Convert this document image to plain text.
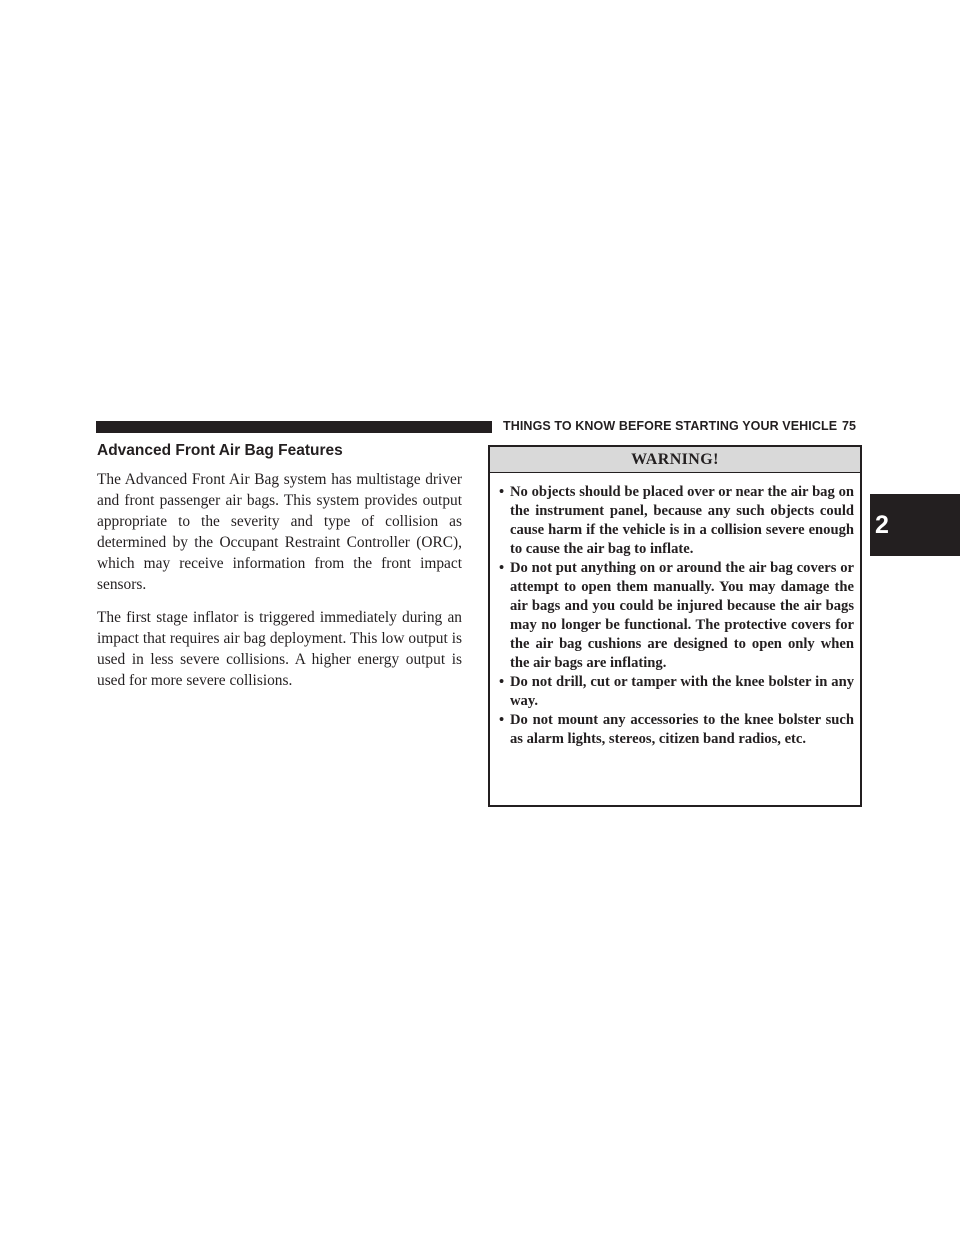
THINGS TO KNOW BEFORE STARTING YOUR VEHICLE 75
2
Advanced Front Air Bag Features

The Advanced Front Air Bag system has multistage driver and front passenger air bags. This system provides output appropriate to the severity and type of collision as determined by the Occupant Restraint Controller (ORC), which may receive information from the front impact sensors.

The first stage inflator is triggered immediately during an impact that requires air bag deployment. This low output is used in less severe collisions. A higher energy output is used for more severe collisions.

WARNING!
• No objects should be placed over or near the air bag on the instrument panel, because any such objects could cause harm if the vehicle is in a collision severe enough to cause the air bag to inflate.
• Do not put anything on or around the air bag covers or attempt to open them manually. You may damage the air bags and you could be injured because the air bags may no longer be functional. The protective covers for the air bag cushions are designed to open only when the air bags are inflating.
• Do not drill, cut or tamper with the knee bolster in any way.
• Do not mount any accessories to the knee bolster such as alarm lights, stereos, citizen band radios, etc.
